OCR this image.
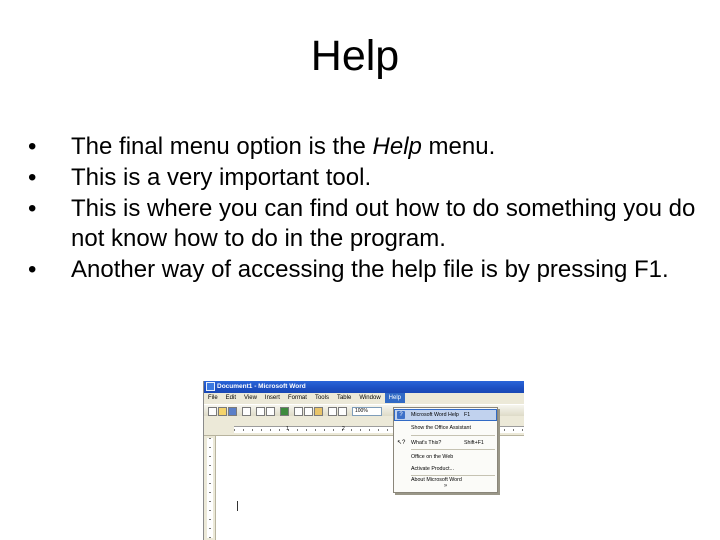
Help
•	The final menu option is the Help menu.
•	This is a very important tool.
•	This is where you can find out how to do something you do not know how to do in the program.
•	Another way of accessing the help file is by pressing F1.
Document1 - Microsoft Word
File Edit View Insert Format Tools Table Window Help
100%
1	2
?	Microsoft Word Help F1
Show the Office Assistant
↖? What's This?	Shift+F1
Office on the Web
Activate Product...
About Microsoft Word
»
